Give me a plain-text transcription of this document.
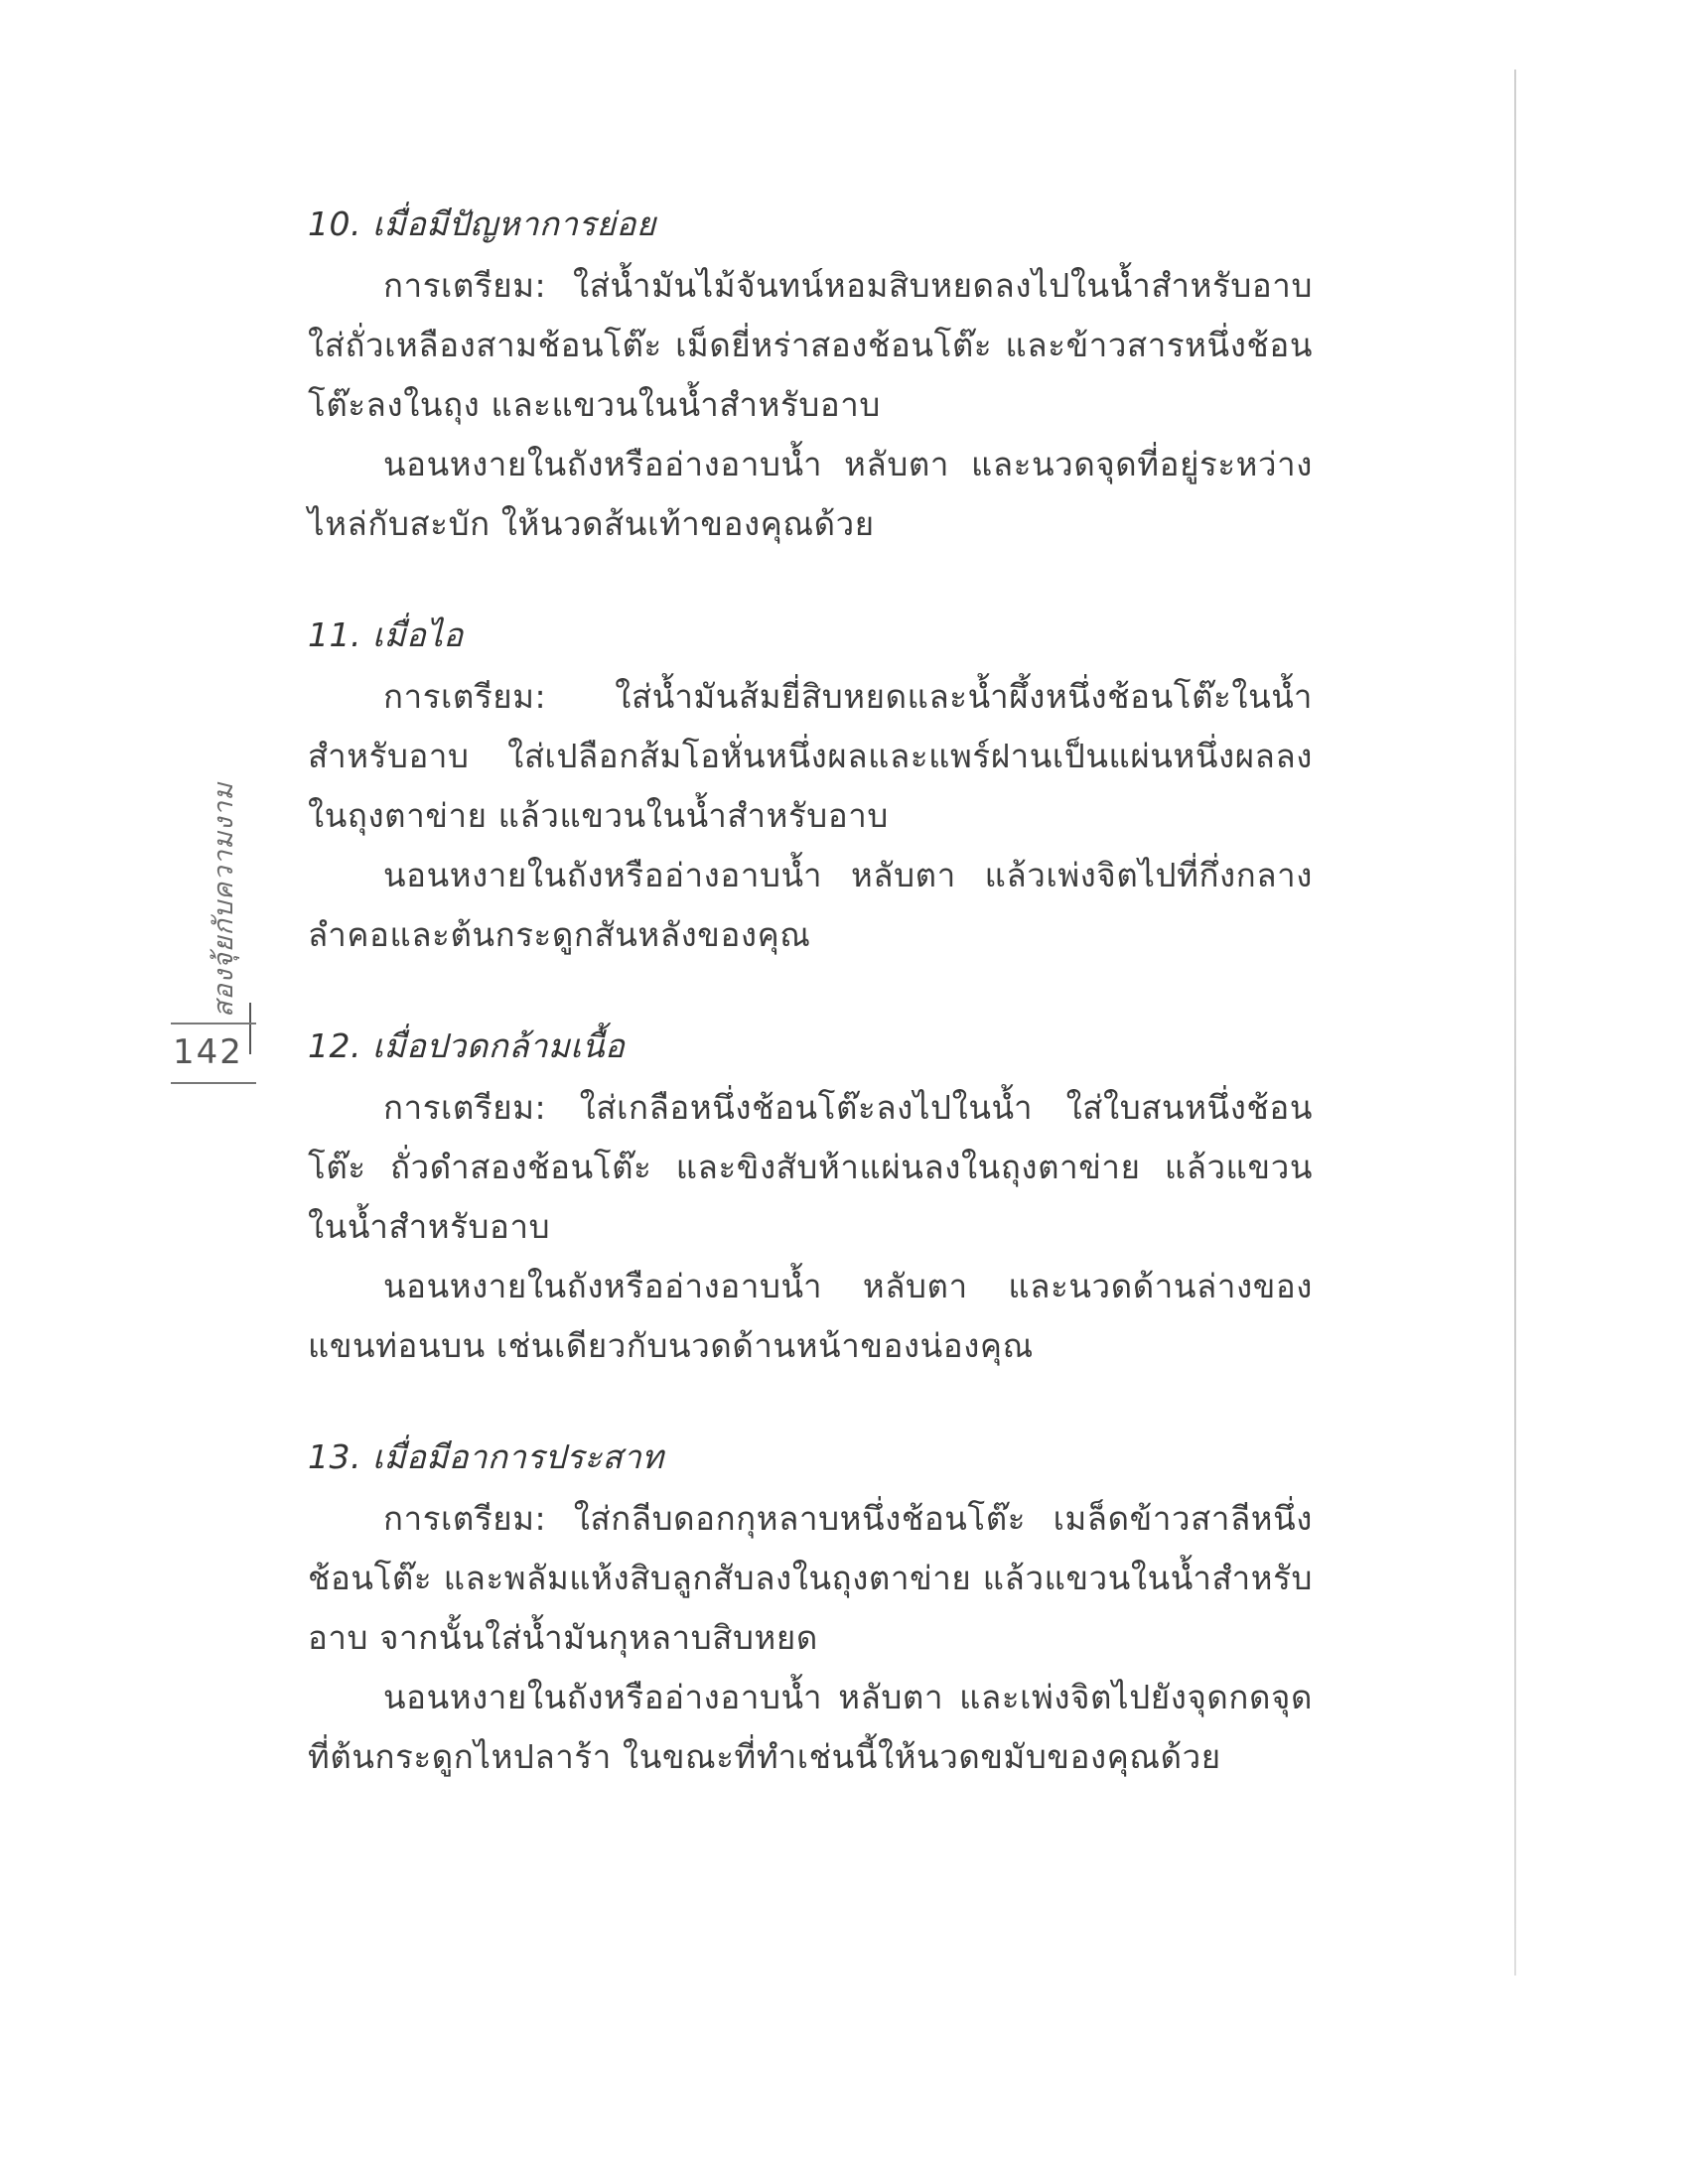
สองจุ้ยกับความงาม
142
10. เมื่อมีปัญหาการย่อย

การเตรียม: ใส่น้ำมันไม้จันทน์หอมสิบหยดลงไปในน้ำสำหรับอาบ ใส่ถั่วเหลืองสามช้อนโต๊ะ เม็ดยี่หร่าสองช้อนโต๊ะ และข้าวสารหนึ่งช้อนโต๊ะลงในถุง และแขวนในน้ำสำหรับอาบ

นอนหงายในถังหรืออ่างอาบน้ำ หลับตา และนวดจุดที่อยู่ระหว่างไหล่กับสะบัก ให้นวดส้นเท้าของคุณด้วย

11. เมื่อไอ

การเตรียม: ใส่น้ำมันส้มยี่สิบหยดและน้ำผึ้งหนึ่งช้อนโต๊ะในน้ำสำหรับอาบ ใส่เปลือกส้มโอหั่นหนึ่งผลและแพร์ฝานเป็นแผ่นหนึ่งผลลงในถุงตาข่าย แล้วแขวนในน้ำสำหรับอาบ

นอนหงายในถังหรืออ่างอาบน้ำ หลับตา แล้วเพ่งจิตไปที่กึ่งกลางลำคอและต้นกระดูกสันหลังของคุณ

12. เมื่อปวดกล้ามเนื้อ

การเตรียม: ใส่เกลือหนึ่งช้อนโต๊ะลงไปในน้ำ ใส่ใบสนหนึ่งช้อนโต๊ะ ถั่วดำสองช้อนโต๊ะ และขิงสับห้าแผ่นลงในถุงตาข่าย แล้วแขวนในน้ำสำหรับอาบ

นอนหงายในถังหรืออ่างอาบน้ำ หลับตา และนวดด้านล่างของแขนท่อนบน เช่นเดียวกับนวดด้านหน้าของน่องคุณ

13. เมื่อมีอาการประสาท

การเตรียม: ใส่กลีบดอกกุหลาบหนึ่งช้อนโต๊ะ เมล็ดข้าวสาลีหนึ่งช้อนโต๊ะ และพลัมแห้งสิบลูกสับลงในถุงตาข่าย แล้วแขวนในน้ำสำหรับอาบ จากนั้นใส่น้ำมันกุหลาบสิบหยด

นอนหงายในถังหรืออ่างอาบน้ำ หลับตา และเพ่งจิตไปยังจุดกดจุดที่ต้นกระดูกไหปลาร้า ในขณะที่ทำเช่นนี้ให้นวดขมับของคุณด้วย
